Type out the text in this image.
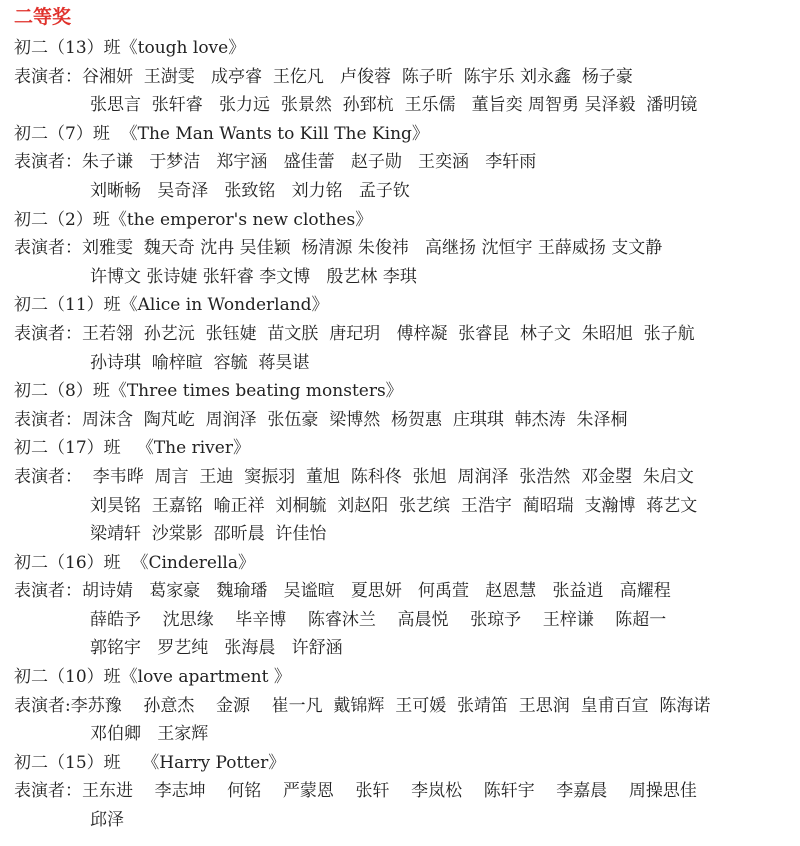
二等奖
初二（13）班《tough love》
表演者：谷湘妍  王澍雯   成亭睿  王仡凡   卢俊蓉  陈子昕  陈宇乐 刘永鑫  杨子豪
张思言  张轩睿   张力远  张景然  孙郅杭  王乐儒   董旨奕 周智勇 吴泽毅  潘明镜
初二（7）班  《The Man Wants to Kill The King》
表演者：朱子谦   于梦洁   郑宇涵   盛佳蕾   赵子勋   王奕涵   李轩雨
刘晰畅   吴奇泽   张致铭   刘力铭   孟子钦
初二（2）班《the emperor's new clothes》
表演者：刘雅雯  魏天奇 沈冉 吴佳颖  杨清源 朱俊祎   高继扬 沈恒宇 王薛威扬 支文静
许博文 张诗婕 张轩睿 李文博   殷艺林 李琪
初二（11）班《Alice in Wonderland》
表演者：王若翎  孙艺沅  张钰婕  苗文朕  唐玘玥   傅梓凝  张睿昆  林子文  朱昭旭  张子航
孙诗琪  喻梓暄  容毓  蒋昊谌
初二（8）班《Three times beating monsters》
表演者：周沫含  陶芃屹  周润泽  张伍豪  梁博然  杨贺惠  庄琪琪  韩杰涛  朱泽桐
初二（17）班   《The river》
表演者：  李韦晔  周言  王迪  窦振羽  董旭  陈科佟  张旭  周润泽  张浩然  邓金曌  朱启文
刘昊铭  王嘉铭  喻正祥  刘桐毓  刘赵阳  张艺缤  王浩宇  蔺昭瑞  支瀚博  蒋艺文
梁靖轩  沙棠影  邵昕晨  许佳怡
初二（16）班  《Cinderella》
表演者：胡诗婧   葛家豪   魏瑜璠   吴谧暄   夏思妍   何禹萱   赵恩慧   张益逍   高耀程
薛皓予    沈思缘    毕辛博    陈睿沐兰    高晨悦    张琼予    王梓谦    陈超一
郭铭宇   罗艺纯   张海晨   许舒涵
初二（10）班《love apartment 》
表演者:李苏豫    孙意杰    金源    崔一凡  戴锦辉  王可媛  张靖笛  王思润  皇甫百宣  陈海诺
邓伯卿   王家辉
初二（15）班    《Harry Potter》
表演者：王东进    李志坤    何铭    严蒙恩    张轩    李岚松    陈轩宇    李嘉晨    周操思佳
邱泽
